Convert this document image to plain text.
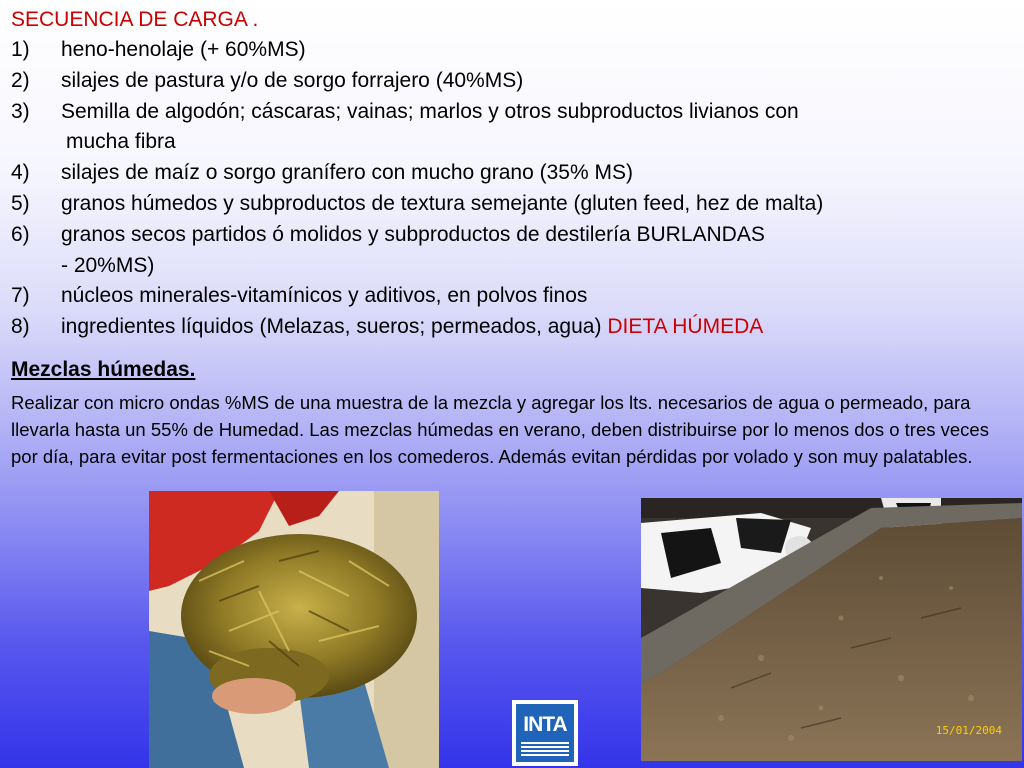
SECUENCIA DE CARGA .
1) heno-henolaje (+ 60%MS)
2) silajes de pastura y/o de sorgo forrajero (40%MS)
3) Semilla de algodón; cáscaras; vainas; marlos y otros subproductos livianos con
mucha fibra
4) silajes de maíz o sorgo granífero con mucho grano (35% MS)
5) granos húmedos y subproductos de textura semejante (gluten feed, hez de malta)
6) granos secos partidos ó molidos y subproductos de destilería BURLANDAS
- 20%MS)
7) núcleos minerales-vitamínicos y aditivos, en polvos finos
8) ingredientes líquidos (Melazas, sueros; permeados, agua) DIETA HÚMEDA
Mezclas húmedas.
Realizar con micro ondas %MS de una muestra de la mezcla y agregar los lts. necesarios de agua o permeado, para llevarla hasta un 55% de Humedad. Las mezclas húmedas en verano, deben distribuirse por lo menos dos o tres veces por día, para evitar post fermentaciones en los comederos. Además evitan pérdidas por volado y son muy palatables.
15/01/2004
INTA
